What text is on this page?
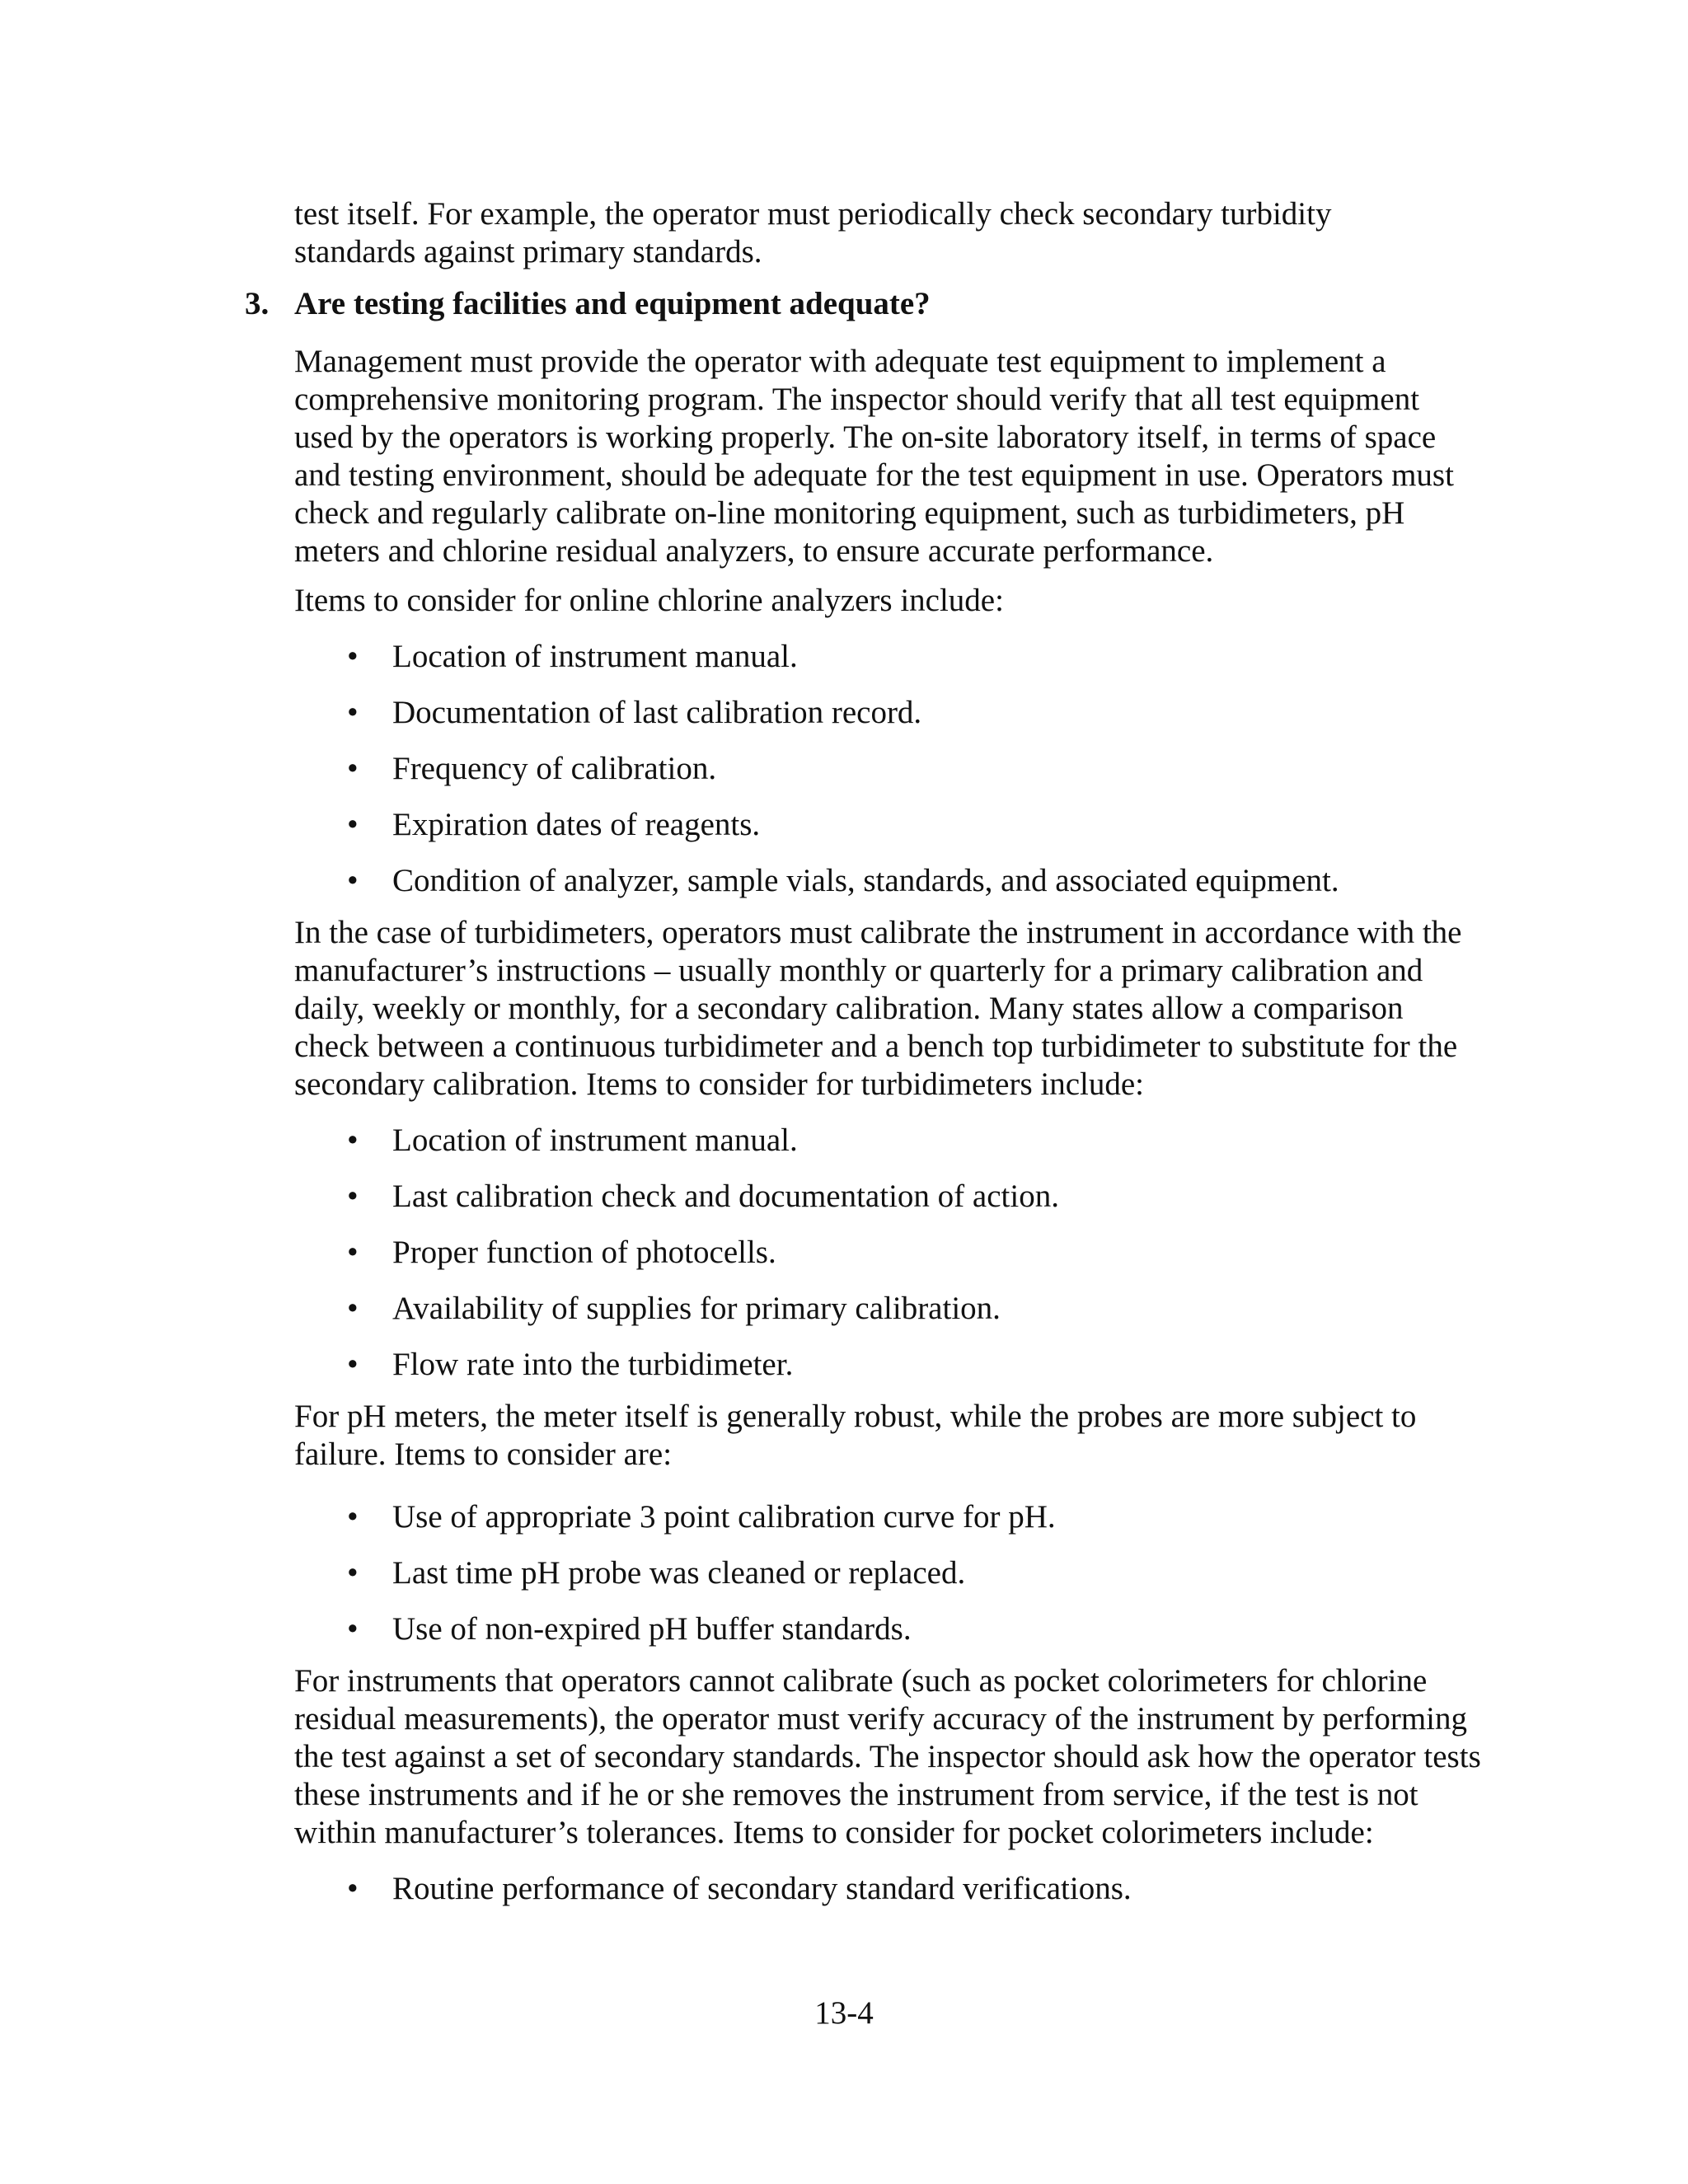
test itself. For example, the operator must periodically check secondary turbidity
standards against primary standards.

3. Are testing facilities and equipment adequate?

Management must provide the operator with adequate test equipment to implement a comprehensive monitoring program. The inspector should verify that all test equipment used by the operators is working properly. The on-site laboratory itself, in terms of space and testing environment, should be adequate for the test equipment in use. Operators must check and regularly calibrate on-line monitoring equipment, such as turbidimeters, pH meters and chlorine residual analyzers, to ensure accurate performance.

Items to consider for online chlorine analyzers include:

• Location of instrument manual.
• Documentation of last calibration record.
• Frequency of calibration.
• Expiration dates of reagents.
• Condition of analyzer, sample vials, standards, and associated equipment.

In the case of turbidimeters, operators must calibrate the instrument in accordance with the manufacturer’s instructions – usually monthly or quarterly for a primary calibration and daily, weekly or monthly, for a secondary calibration. Many states allow a comparison check between a continuous turbidimeter and a bench top turbidimeter to substitute for the secondary calibration. Items to consider for turbidimeters include:

• Location of instrument manual.
• Last calibration check and documentation of action.
• Proper function of photocells.
• Availability of supplies for primary calibration.
• Flow rate into the turbidimeter.

For pH meters, the meter itself is generally robust, while the probes are more subject to failure. Items to consider are:

• Use of appropriate 3 point calibration curve for pH.
• Last time pH probe was cleaned or replaced.
• Use of non-expired pH buffer standards.

For instruments that operators cannot calibrate (such as pocket colorimeters for chlorine residual measurements), the operator must verify accuracy of the instrument by performing the test against a set of secondary standards. The inspector should ask how the operator tests these instruments and if he or she removes the instrument from service, if the test is not within manufacturer’s tolerances. Items to consider for pocket colorimeters include:

• Routine performance of secondary standard verifications.
13-4
